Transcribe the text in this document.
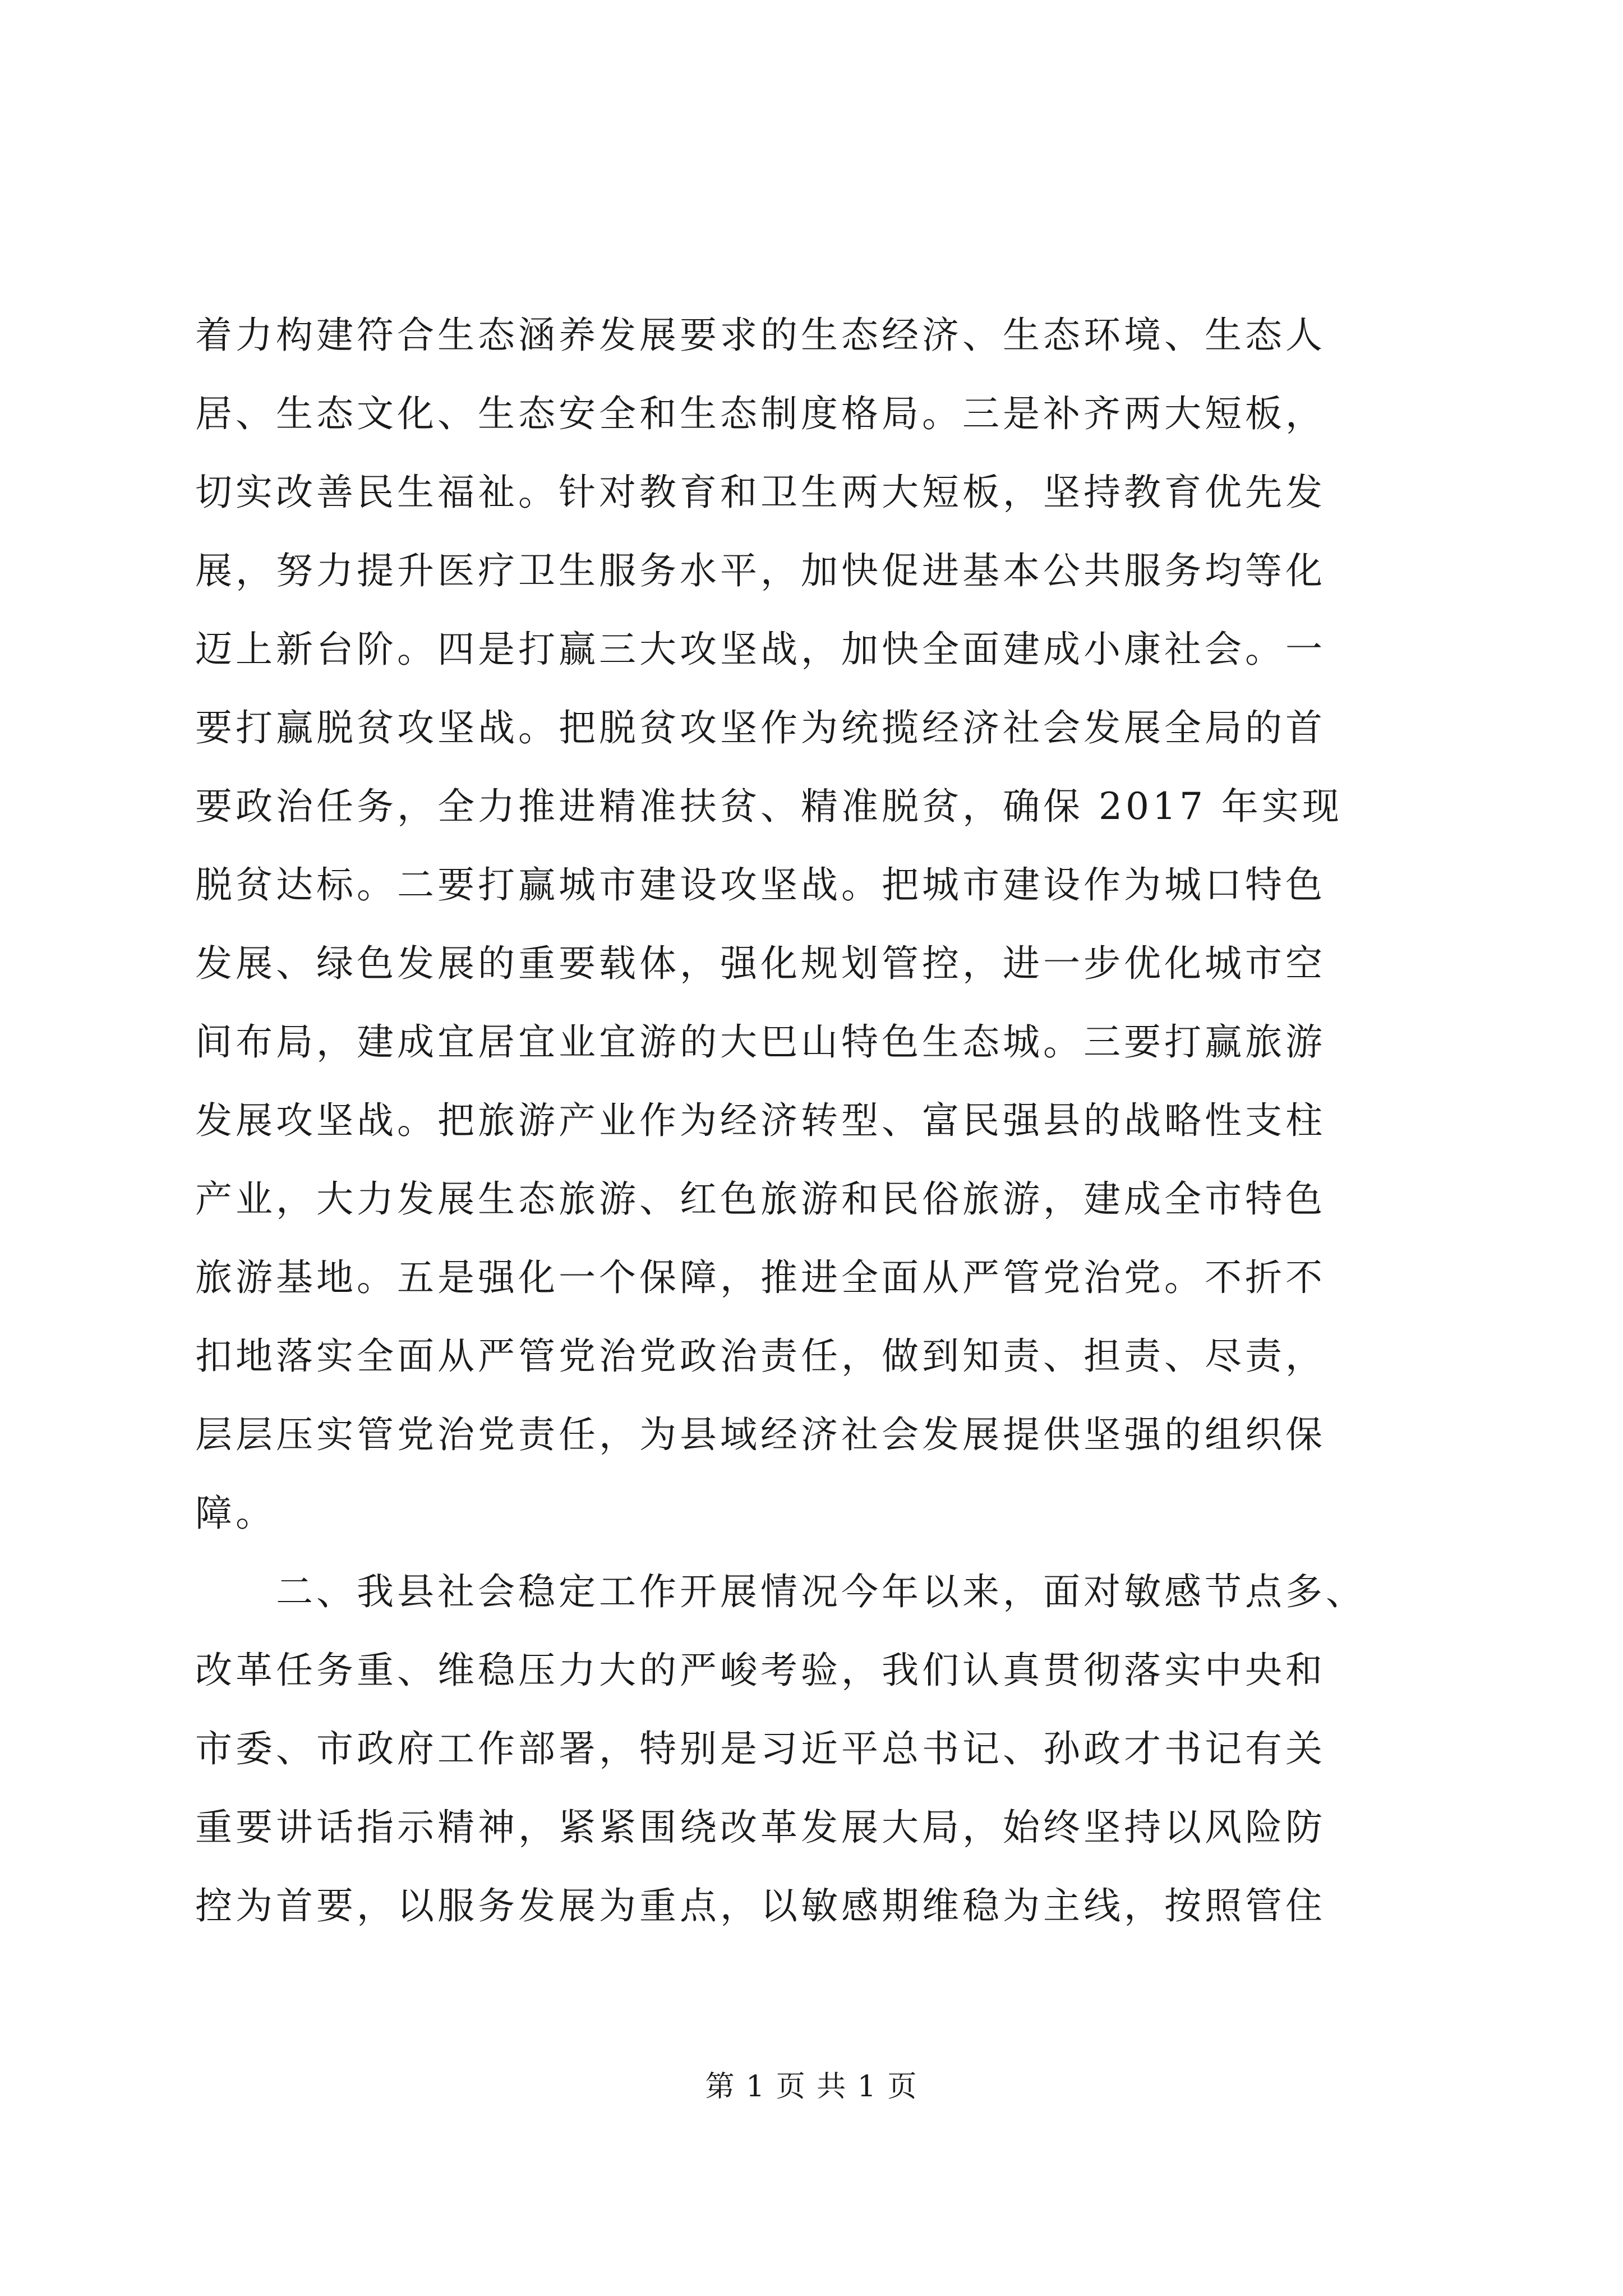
着力构建符合生态涵养发展要求的生态经济、生态环境、生态人
居、生态文化、生态安全和生态制度格局。三是补齐两大短板，
切实改善民生福祉。针对教育和卫生两大短板，坚持教育优先发
展，努力提升医疗卫生服务水平，加快促进基本公共服务均等化
迈上新台阶。四是打赢三大攻坚战，加快全面建成小康社会。一
要打赢脱贫攻坚战。把脱贫攻坚作为统揽经济社会发展全局的首
要政治任务，全力推进精准扶贫、精准脱贫，确保 2017 年实现
脱贫达标。二要打赢城市建设攻坚战。把城市建设作为城口特色
发展、绿色发展的重要载体，强化规划管控，进一步优化城市空
间布局，建成宜居宜业宜游的大巴山特色生态城。三要打赢旅游
发展攻坚战。把旅游产业作为经济转型、富民强县的战略性支柱
产业，大力发展生态旅游、红色旅游和民俗旅游，建成全市特色
旅游基地。五是强化一个保障，推进全面从严管党治党。不折不
扣地落实全面从严管党治党政治责任，做到知责、担责、尽责，
层层压实管党治党责任，为县域经济社会发展提供坚强的组织保
障。
　　二、我县社会稳定工作开展情况今年以来，面对敏感节点多、
改革任务重、维稳压力大的严峻考验，我们认真贯彻落实中央和
市委、市政府工作部署，特别是习近平总书记、孙政才书记有关
重要讲话指示精神，紧紧围绕改革发展大局，始终坚持以风险防
控为首要，以服务发展为重点，以敏感期维稳为主线，按照管住
第 1 页 共 1 页
